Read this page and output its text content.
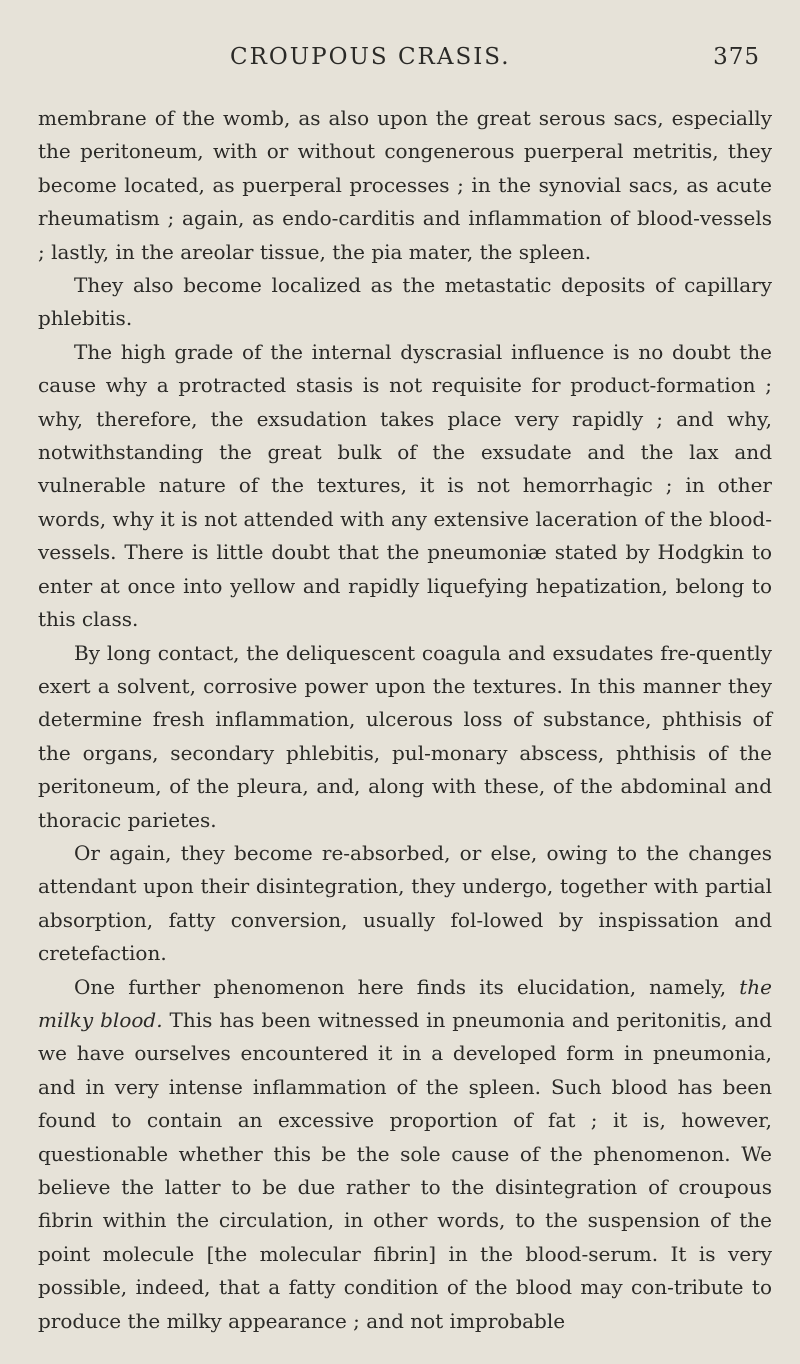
CROUPOUS CRASIS.	375

membrane of the womb, as also upon the great serous sacs, especially the peritoneum, with or without congenerous puerperal metritis, they become located, as puerperal processes ; in the synovial sacs, as acute rheumatism ; again, as endo-carditis and inflammation of blood-vessels ; lastly, in the areolar tissue, the pia mater, the spleen.

They also become localized as the metastatic deposits of capillary phlebitis.

The high grade of the internal dyscrasial influence is no doubt the cause why a protracted stasis is not requisite for product-formation ; why, therefore, the exsudation takes place very rapidly ; and why, notwithstanding the great bulk of the exsudate and the lax and vulnerable nature of the textures, it is not hemorrhagic ; in other words, why it is not attended with any extensive laceration of the blood-vessels. There is little doubt that the pneumoniæ stated by Hodgkin to enter at once into yellow and rapidly liquefying hepatization, belong to this class.

By long contact, the deliquescent coagula and exsudates fre-quently exert a solvent, corrosive power upon the textures. In this manner they determine fresh inflammation, ulcerous loss of substance, phthisis of the organs, secondary phlebitis, pul-monary abscess, phthisis of the peritoneum, of the pleura, and, along with these, of the abdominal and thoracic parietes.

Or again, they become re-absorbed, or else, owing to the changes attendant upon their disintegration, they undergo, together with partial absorption, fatty conversion, usually fol-lowed by inspissation and cretefaction.

One further phenomenon here finds its elucidation, namely, the milky blood. This has been witnessed in pneumonia and peritonitis, and we have ourselves encountered it in a developed form in pneumonia, and in very intense inflammation of the spleen. Such blood has been found to contain an excessive proportion of fat ; it is, however, questionable whether this be the sole cause of the phenomenon. We believe the latter to be due rather to the disintegration of croupous fibrin within the circulation, in other words, to the suspension of the point molecule [the molecular fibrin] in the blood-serum. It is very possible, indeed, that a fatty condition of the blood may con-tribute to produce the milky appearance ; and not improbable
